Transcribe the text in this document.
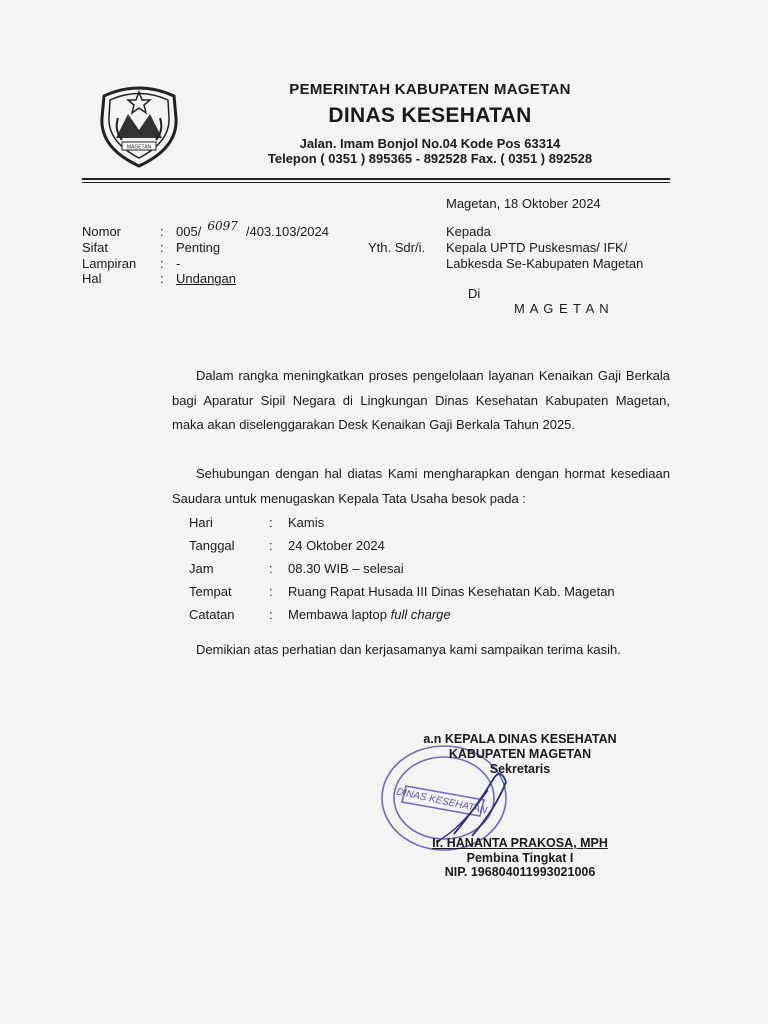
MAGETAN
PEMERINTAH KABUPATEN MAGETAN
DINAS KESEHATAN
Jalan. Imam Bonjol No.04 Kode Pos 63314
Telepon ( 0351 ) 895365 - 892528 Fax. ( 0351 ) 892528
Magetan, 18 Oktober 2024
Nomor	: 005/ 6097 /403.103/2024
Sifat	: Penting
Lampiran : -
Hal	: Undangan
Kepada
Yth. Sdr/i. Kepala UPTD Puskesmas/ IFK/
Labkesda Se-Kabupaten Magetan
Di
M A G E T A N
Dalam rangka meningkatkan proses pengelolaan layanan Kenaikan Gaji Berkala bagi Aparatur Sipil Negara di Lingkungan Dinas Kesehatan Kabupaten Magetan, maka akan diselenggarakan Desk Kenaikan Gaji Berkala Tahun 2025.
Sehubungan dengan hal diatas Kami mengharapkan dengan hormat kesediaan Saudara untuk menugaskan Kepala Tata Usaha besok pada :
Hari	: Kamis
Tanggal	: 24 Oktober 2024
Jam	: 08.30 WIB – selesai
Tempat	: Ruang Rapat Husada III Dinas Kesehatan Kab. Magetan
Catatan	: Membawa laptop full charge
Demikian atas perhatian dan kerjasamanya kami sampaikan terima kasih.
DINAS KESEHATAN
a.n KEPALA DINAS KESEHATAN
KABUPATEN MAGETAN
Sekretaris
Ir. HANANTA PRAKOSA, MPH
Pembina Tingkat I
NIP. 196804011993021006
